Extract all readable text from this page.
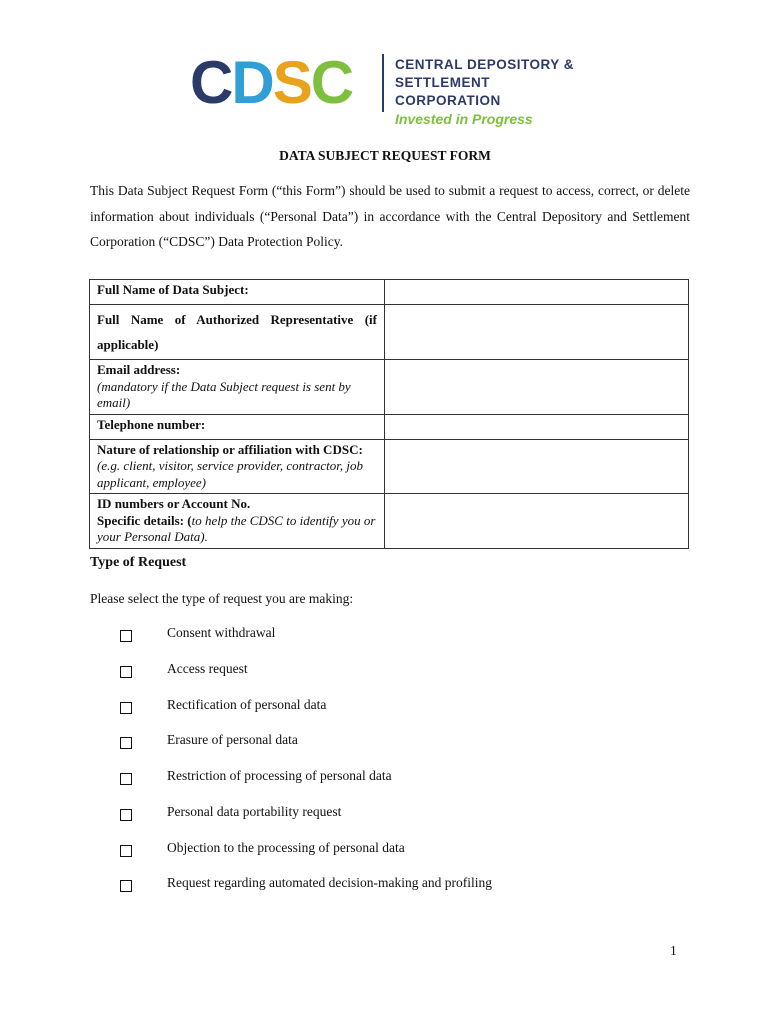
CDSC	CENTRAL DEPOSITORY &
SETTLEMENT CORPORATION
Invested in Progress
DATA SUBJECT REQUEST FORM
This Data Subject Request Form (“this Form”) should be used to submit a request to access, correct, or delete information about individuals (“Personal Data”) in accordance with the Central Depository and Settlement Corporation (“CDSC”) Data Protection Policy.
Full Name of Data Subject:	
Full Name of Authorized Representative (if applicable)	

Email address:
(mandatory if the Data Subject request is sent by email)	

Telephone number:	
Nature of relationship or affiliation with CDSC: (e.g. client, visitor, service provider, contractor, job applicant, employee)	

ID numbers or Account No.
Specific details: (to help the CDSC to identify you or your Personal Data).	
Type of Request
Please select the type of request you are making:
Consent withdrawal
Access request
Rectification of personal data
Erasure of personal data
Restriction of processing of personal data
Personal data portability request
Objection to the processing of personal data
Request regarding automated decision-making and profiling
1
